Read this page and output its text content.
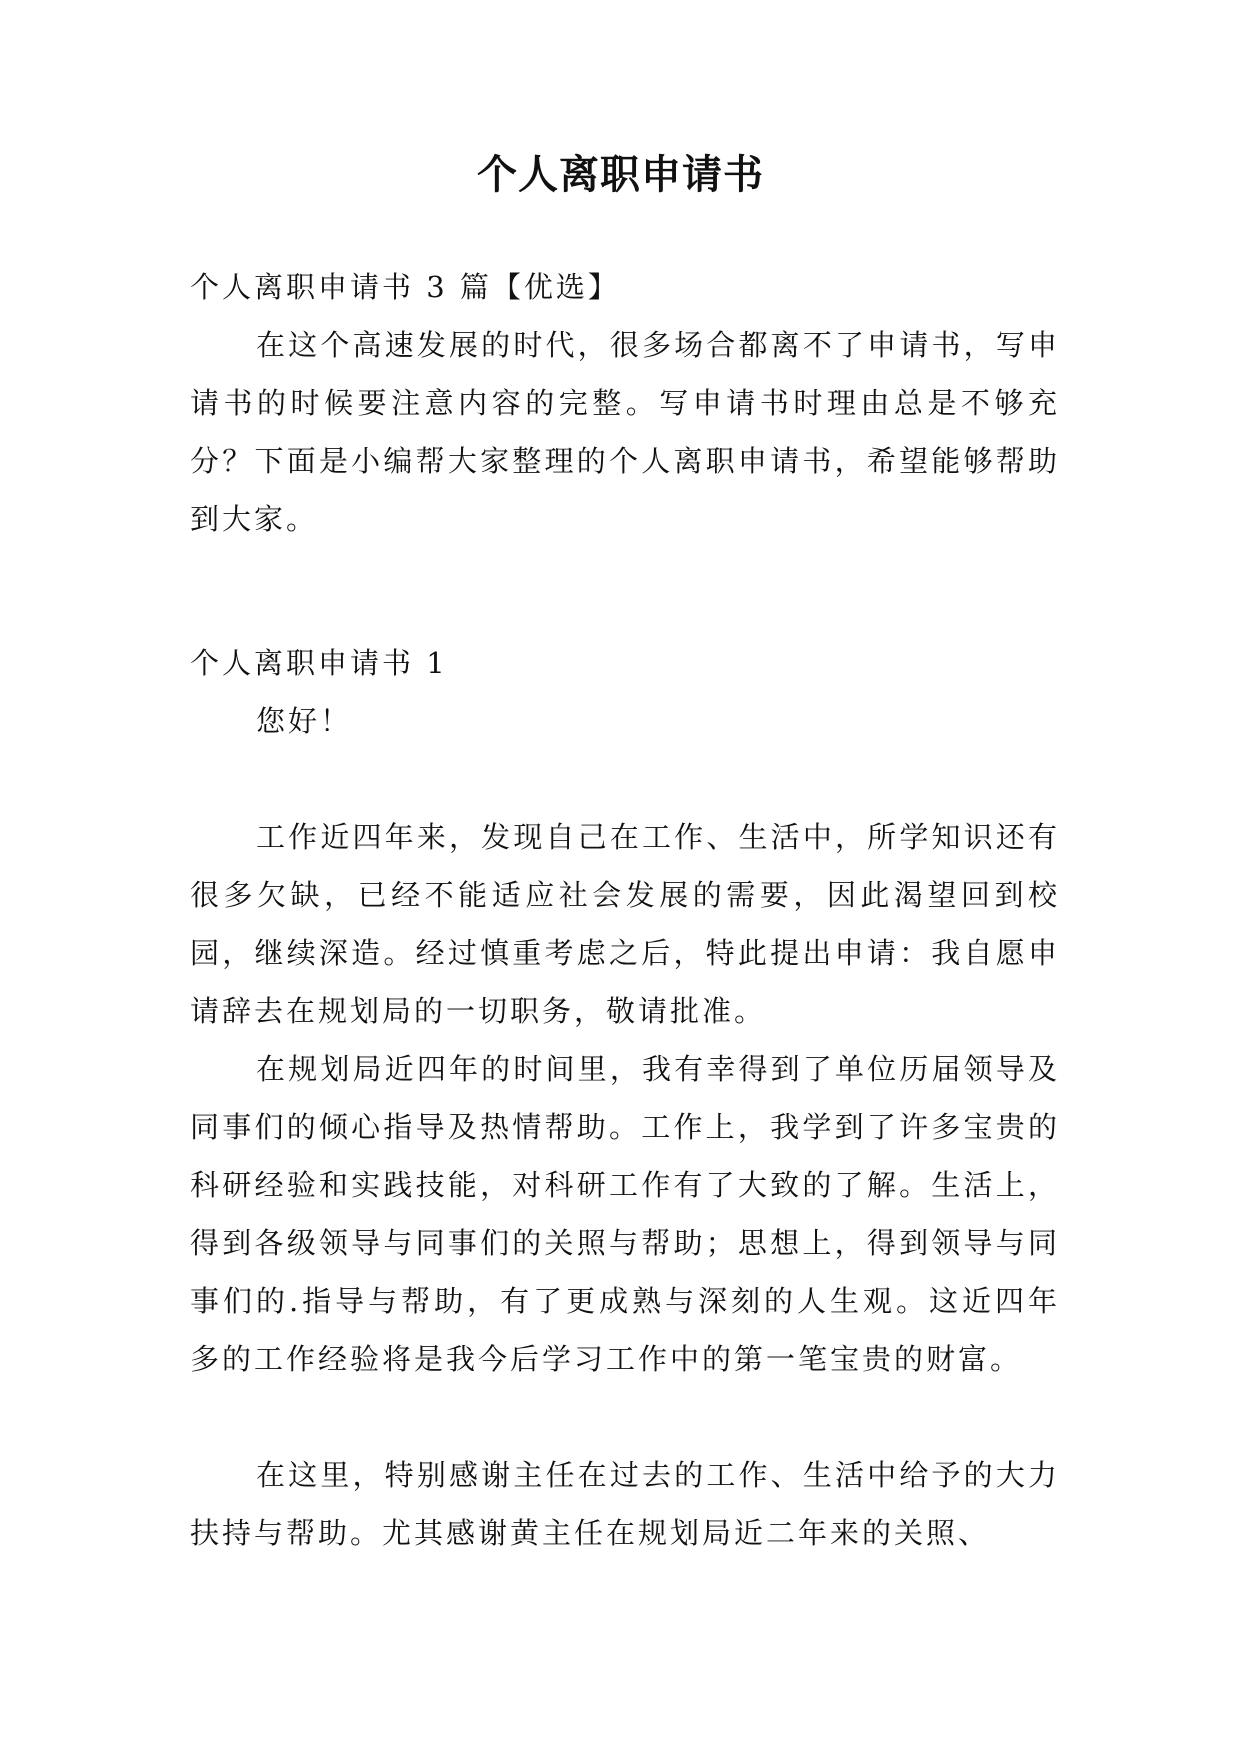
个人离职申请书

个人离职申请书 3 篇【优选】

在这个高速发展的时代，很多场合都离不了申请书，写申请书的时候要注意内容的完整。写申请书时理由总是不够充分？下面是小编帮大家整理的个人离职申请书，希望能够帮助到大家。

个人离职申请书 1

您好！

工作近四年来，发现自己在工作、生活中，所学知识还有很多欠缺，已经不能适应社会发展的需要，因此渴望回到校园，继续深造。经过慎重考虑之后，特此提出申请：我自愿申请辞去在规划局的一切职务，敬请批准。

在规划局近四年的时间里，我有幸得到了单位历届领导及同事们的倾心指导及热情帮助。工作上，我学到了许多宝贵的科研经验和实践技能，对科研工作有了大致的了解。生活上，得到各级领导与同事们的关照与帮助；思想上，得到领导与同事们的.指导与帮助，有了更成熟与深刻的人生观。这近四年多的工作经验将是我今后学习工作中的第一笔宝贵的财富。

在这里，特别感谢主任在过去的工作、生活中给予的大力扶持与帮助。尤其感谢黄主任在规划局近二年来的关照、
